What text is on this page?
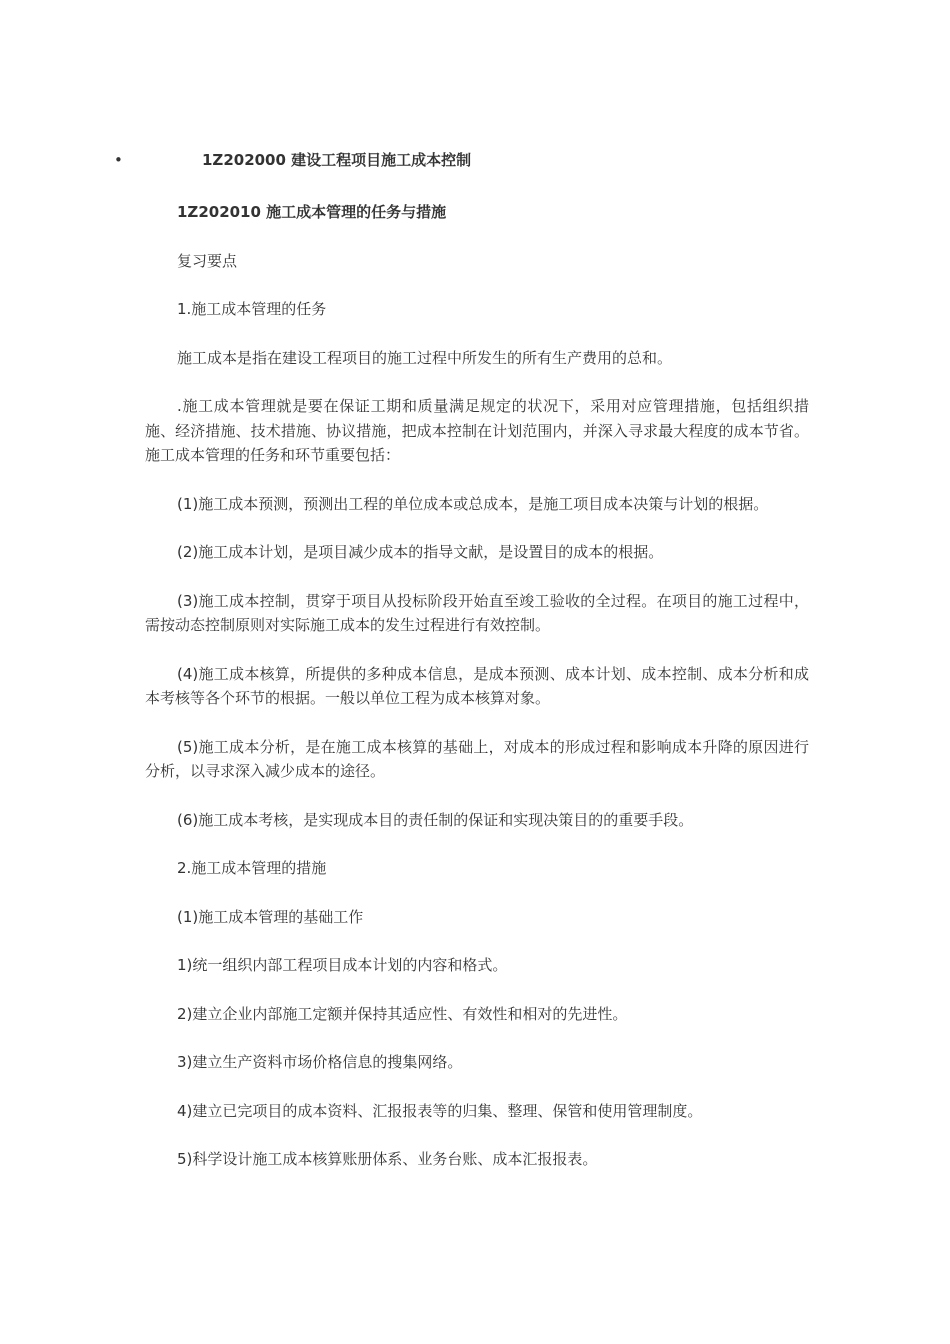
•	1Z202000 建设工程项目施工成本控制
1Z202010 施工成本管理的任务与措施

复习要点

1.施工成本管理的任务

施工成本是指在建设工程项目的施工过程中所发生的所有生产费用的总和。

.施工成本管理就是要在保证工期和质量满足规定的状况下，采用对应管理措施，包括组织措施、经济措施、技术措施、协议措施，把成本控制在计划范围内，并深入寻求最大程度的成本节省。施工成本管理的任务和环节重要包括：

(1)施工成本预测，预测出工程的单位成本或总成本，是施工项目成本决策与计划的根据。

(2)施工成本计划，是项目减少成本的指导文献，是设置目的成本的根据。

(3)施工成本控制，贯穿于项目从投标阶段开始直至竣工验收的全过程。在项目的施工过程中，需按动态控制原则对实际施工成本的发生过程进行有效控制。

(4)施工成本核算，所提供的多种成本信息，是成本预测、成本计划、成本控制、成本分析和成本考核等各个环节的根据。一般以单位工程为成本核算对象。

(5)施工成本分析，是在施工成本核算的基础上，对成本的形成过程和影响成本升降的原因进行分析，以寻求深入减少成本的途径。

(6)施工成本考核，是实现成本目的责任制的保证和实现决策目的的重要手段。

2.施工成本管理的措施

(1)施工成本管理的基础工作

1)统一组织内部工程项目成本计划的内容和格式。

2)建立企业内部施工定额并保持其适应性、有效性和相对的先进性。

3)建立生产资料市场价格信息的搜集网络。

4)建立已完项目的成本资料、汇报报表等的归集、整理、保管和使用管理制度。

5)科学设计施工成本核算账册体系、业务台账、成本汇报报表。
